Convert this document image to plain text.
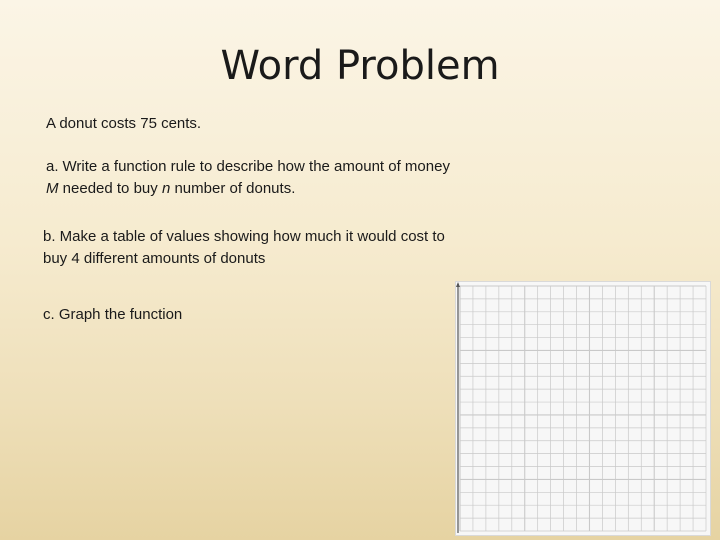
Word Problem

A donut costs 75 cents.

a. Write a function rule to describe how the amount of money M needed to buy n number of donuts.

b. Make a table of values showing how much it would cost to buy 4 different amounts of donuts

c. Graph the function
